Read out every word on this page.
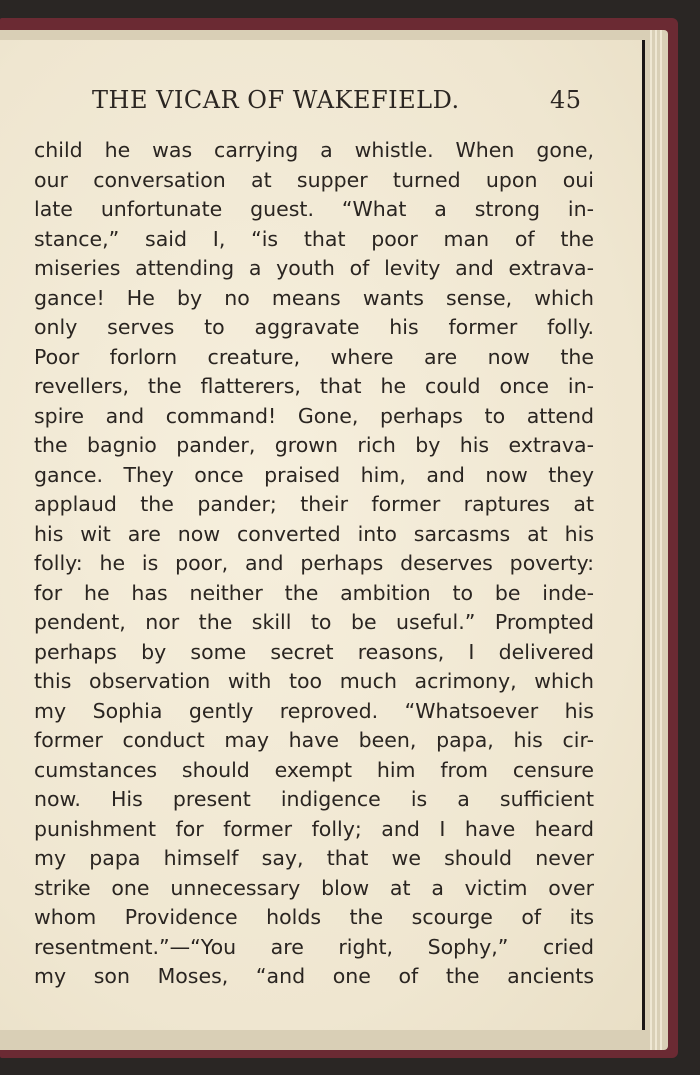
THE VICAR OF WAKEFIELD.	45
child he was carrying a whistle. When gone,
our conversation at supper turned upon oui
late unfortunate guest. “What a strong in-
stance,” said I, “is that poor man of the
miseries attending a youth of levity and extrava-
gance! He by no means wants sense, which
only serves to aggravate his former folly.
Poor forlorn creature, where are now the
revellers, the flatterers, that he could once in-
spire and command! Gone, perhaps to attend
the bagnio pander, grown rich by his extrava-
gance. They once praised him, and now they
applaud the pander; their former raptures at
his wit are now converted into sarcasms at his
folly: he is poor, and perhaps deserves poverty:
for he has neither the ambition to be inde-
pendent, nor the skill to be useful.” Prompted
perhaps by some secret reasons, I delivered
this observation with too much acrimony, which
my Sophia gently reproved. “Whatsoever his
former conduct may have been, papa, his cir-
cumstances should exempt him from censure
now. His present indigence is a sufficient
punishment for former folly; and I have heard
my papa himself say, that we should never
strike one unnecessary blow at a victim over
whom Providence holds the scourge of its
resentment.”—“You are right, Sophy,” cried
my son Moses, “and one of the ancients
